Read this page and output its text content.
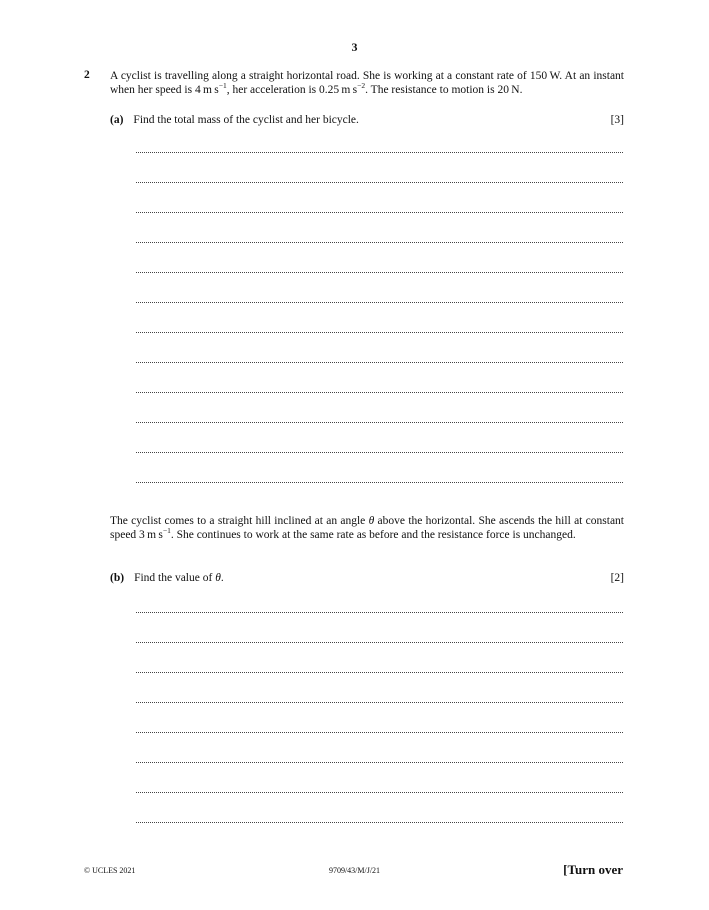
3
2 A cyclist is travelling along a straight horizontal road. She is working at a constant rate of 150 W. At an instant when her speed is 4 m $s^{-1}$, her acceleration is 0.25 m $s^{-2}$. The resistance to motion is 20 N.
(a) Find the total mass of the cyclist and her bicycle.	[3]
The cyclist comes to a straight hill inclined at an angle θ above the horizontal. She ascends the hill at constant speed 3 m $s^{-1}$. She continues to work at the same rate as before and the resistance force is unchanged.
(b) Find the value of θ.	[2]
© UCLES 2021	9709/43/M/J/21	[Turn over
